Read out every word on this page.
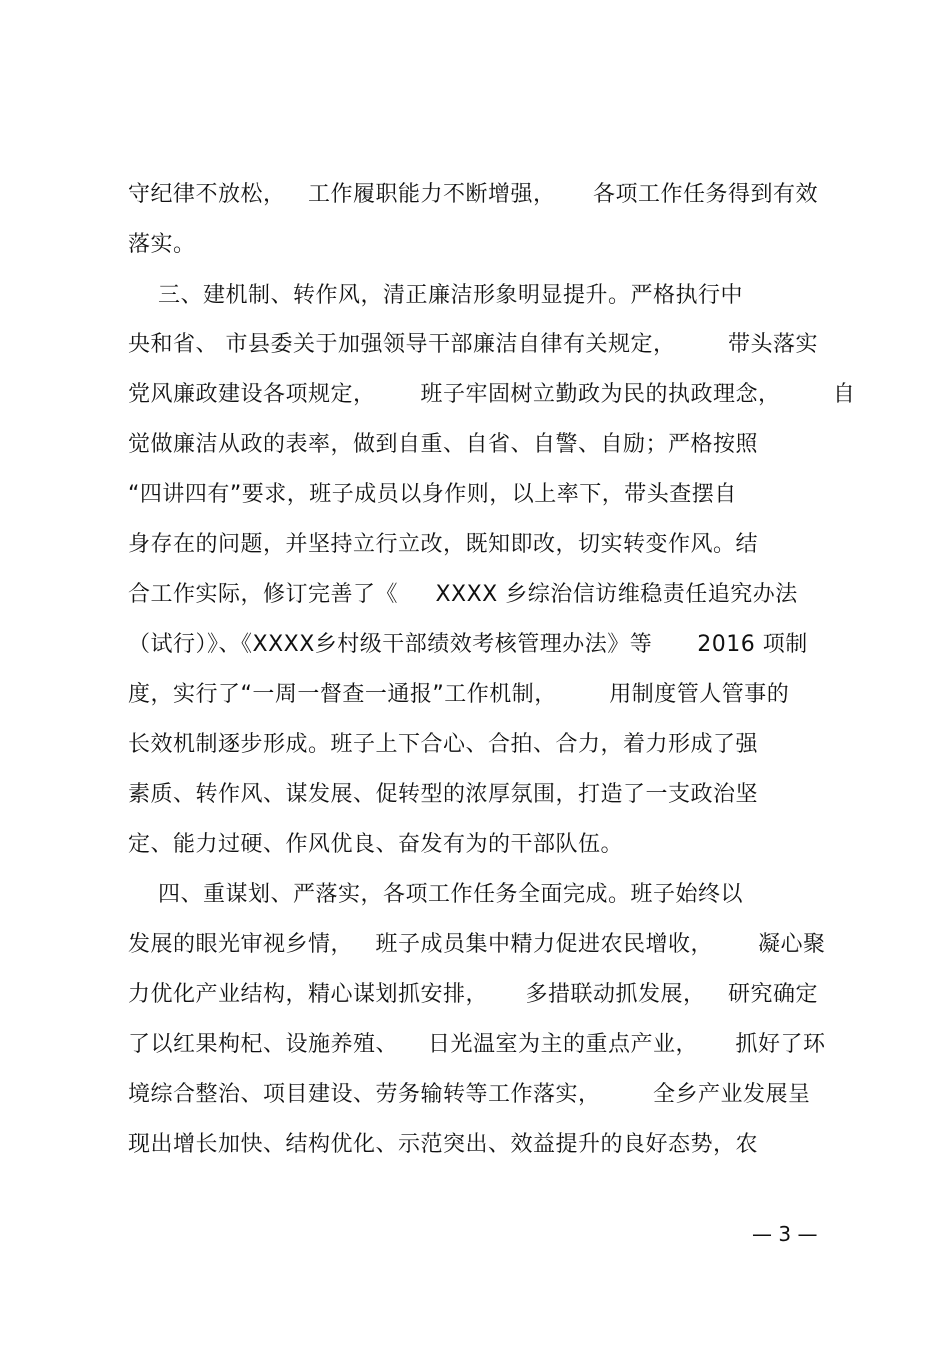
守纪律不放松，   工作履职能力不断增强，     各项工作任务得到有效
落实。
三、建机制、转作风，清正廉洁形象明显提升。严格执行中
央和省、 市县委关于加强领导干部廉洁自律有关规定，       带头落实
党风廉政建设各项规定，      班子牢固树立勤政为民的执政理念，       自
觉做廉洁从政的表率，做到自重、自省、自警、自励；严格按照
“四讲四有”要求，班子成员以身作则，以上率下，带头查摆自
身存在的问题，并坚持立行立改，既知即改，切实转变作风。结
合工作实际，修订完善了《     XXXX 乡综治信访维稳责任追究办法
（试行）》、《XXXX乡村级干部绩效考核管理办法》等      2016 项制
度，实行了“一周一督查一通报”工作机制，       用制度管人管事的
长效机制逐步形成。班子上下合心、合拍、合力，着力形成了强
素质、转作风、谋发展、促转型的浓厚氛围，打造了一支政治坚
定、能力过硬、作风优良、奋发有为的干部队伍。
四、重谋划、严落实，各项工作任务全面完成。班子始终以
发展的眼光审视乡情，   班子成员集中精力促进农民增收，      凝心聚
力优化产业结构，精心谋划抓安排，     多措联动抓发展，   研究确定
了以红果枸杞、设施养殖、    日光温室为主的重点产业，     抓好了环
境综合整治、项目建设、劳务输转等工作落实，       全乡产业发展呈
现出增长加快、结构优化、示范突出、效益提升的良好态势，农
— 3 —
